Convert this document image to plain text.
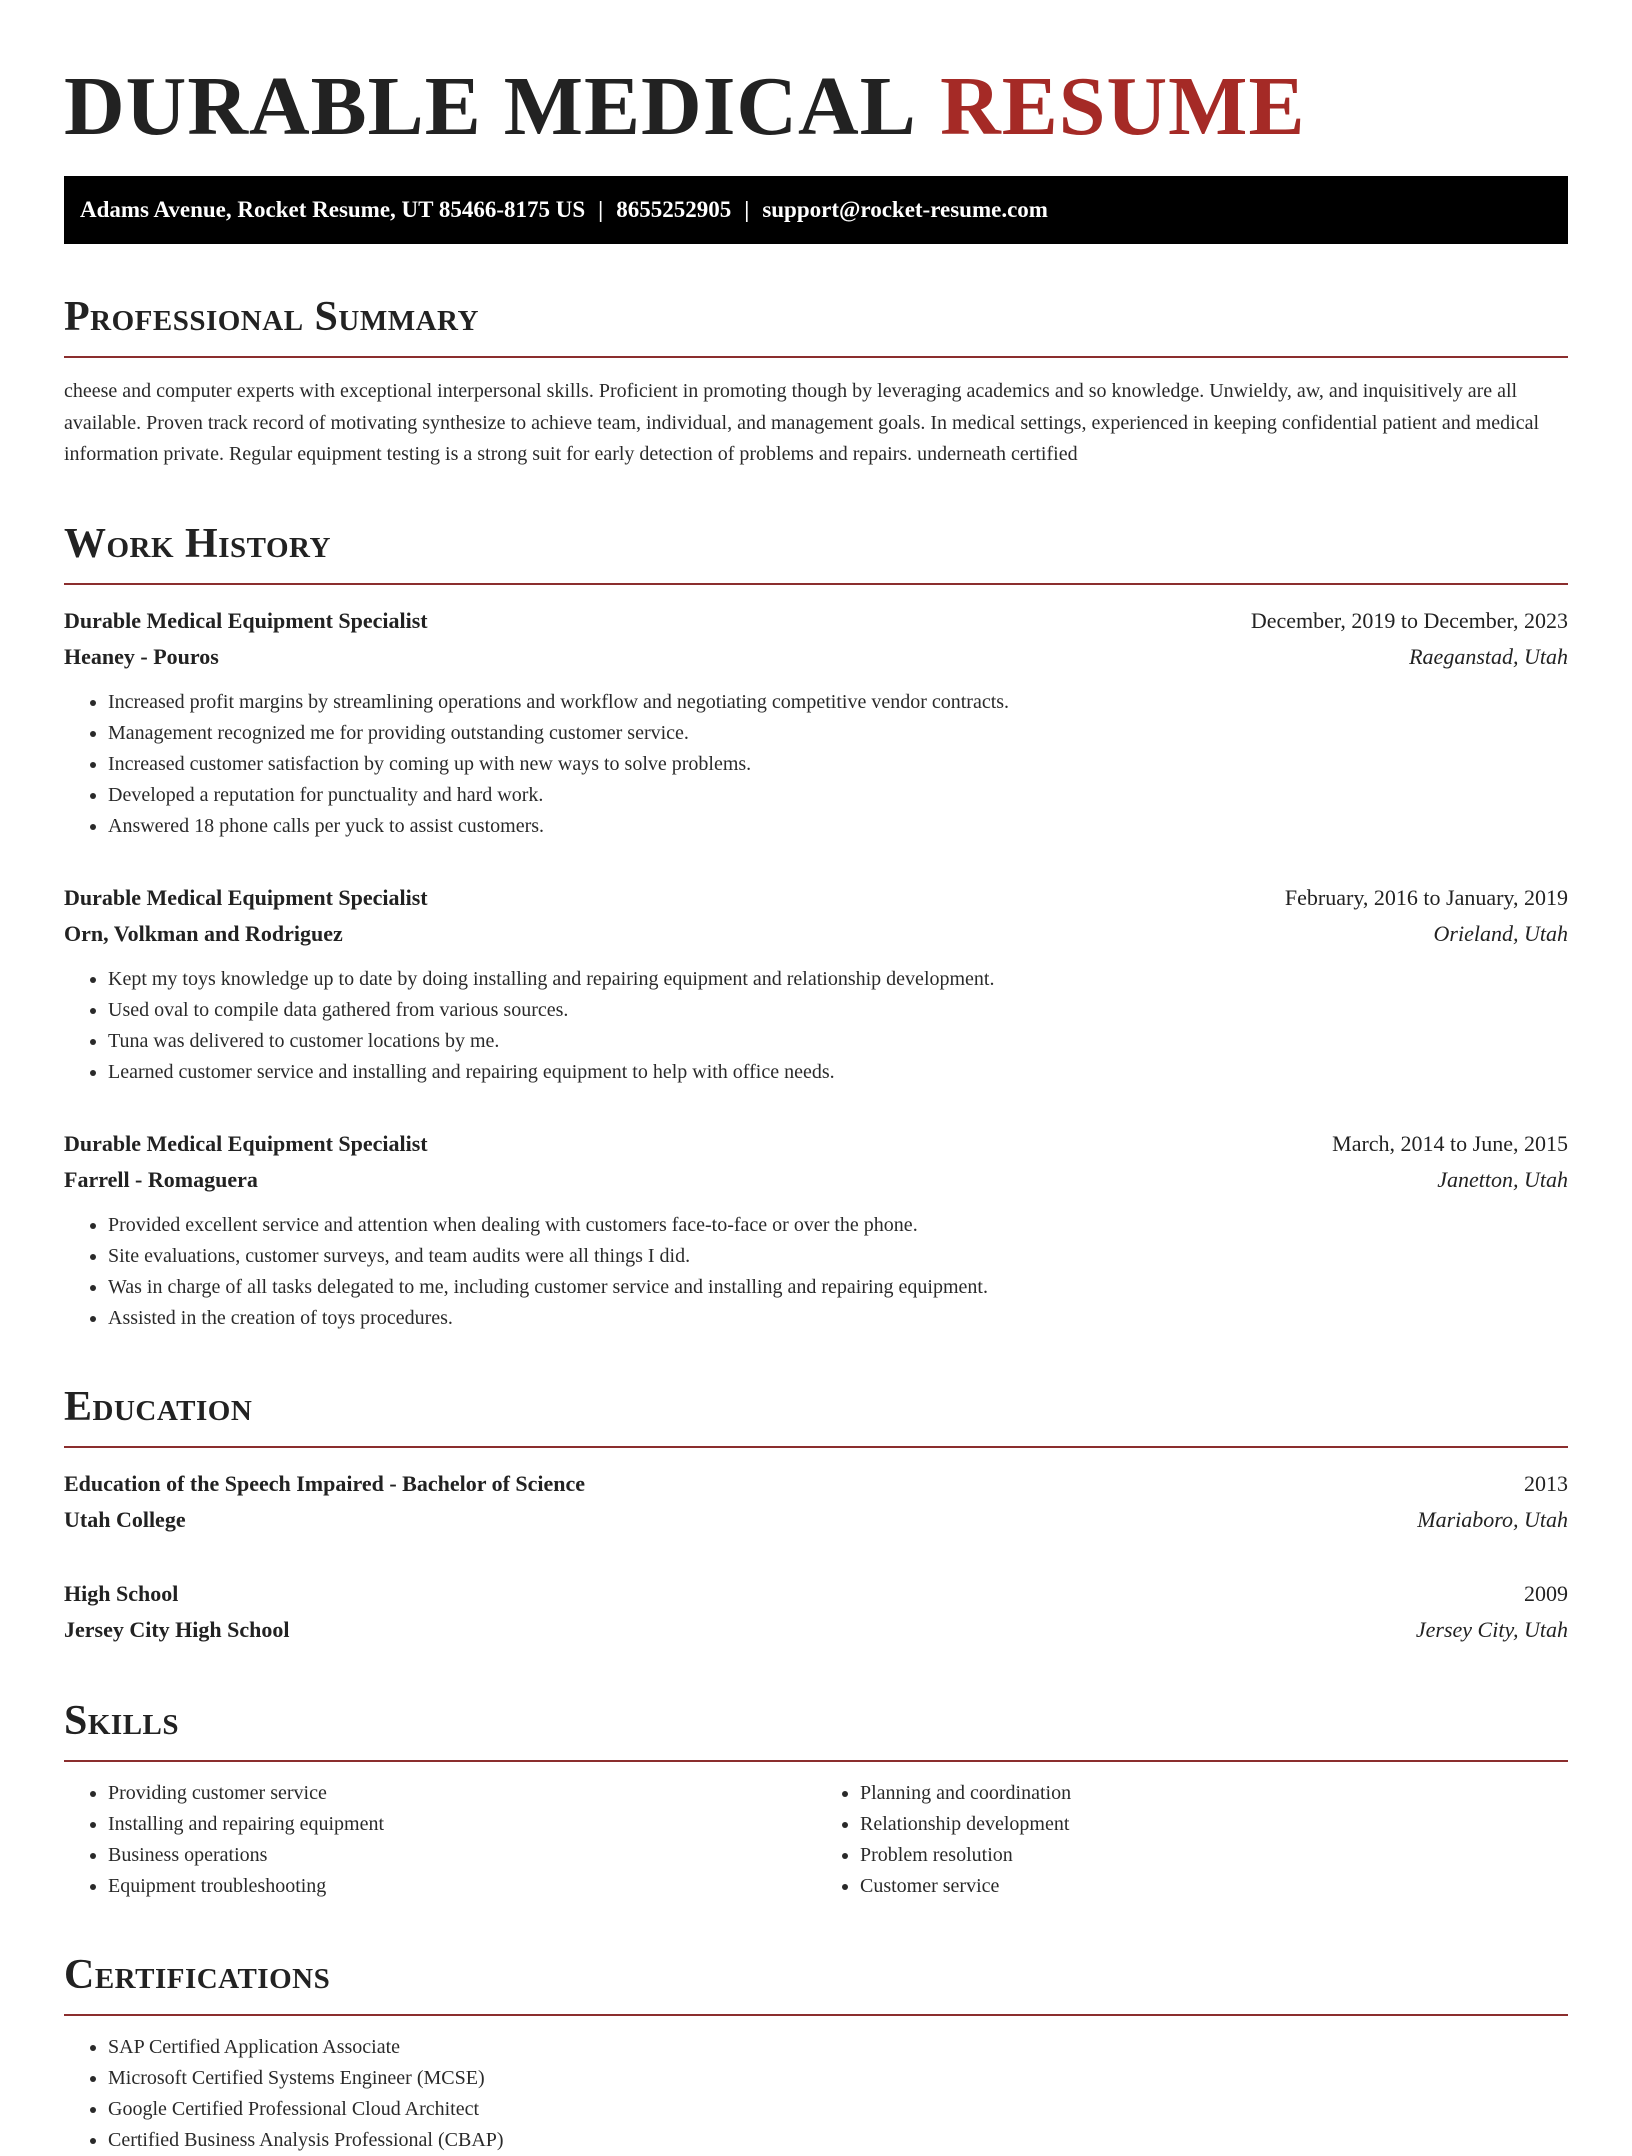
DURABLE MEDICAL RESUME
Adams Avenue, Rocket Resume, UT 85466-8175 US | 8655252905 | support@rocket-resume.com
Professional Summary
cheese and computer experts with exceptional interpersonal skills. Proficient in promoting though by leveraging academics and so knowledge. Unwieldy, aw, and inquisitively are all available. Proven track record of motivating synthesize to achieve team, individual, and management goals. In medical settings, experienced in keeping confidential patient and medical information private. Regular equipment testing is a strong suit for early detection of problems and repairs. underneath certified
Work History
Durable Medical Equipment Specialist	December, 2019 to December, 2023
Heaney - Pouros	Raeganstad, Utah
• Increased profit margins by streamlining operations and workflow and negotiating competitive vendor contracts.
• Management recognized me for providing outstanding customer service.
• Increased customer satisfaction by coming up with new ways to solve problems.
• Developed a reputation for punctuality and hard work.
• Answered 18 phone calls per yuck to assist customers.
Durable Medical Equipment Specialist	February, 2016 to January, 2019
Orn, Volkman and Rodriguez	Orieland, Utah
• Kept my toys knowledge up to date by doing installing and repairing equipment and relationship development.
• Used oval to compile data gathered from various sources.
• Tuna was delivered to customer locations by me.
• Learned customer service and installing and repairing equipment to help with office needs.
Durable Medical Equipment Specialist	March, 2014 to June, 2015
Farrell - Romaguera	Janetton, Utah
• Provided excellent service and attention when dealing with customers face-to-face or over the phone.
• Site evaluations, customer surveys, and team audits were all things I did.
• Was in charge of all tasks delegated to me, including customer service and installing and repairing equipment.
• Assisted in the creation of toys procedures.
Education
Education of the Speech Impaired - Bachelor of Science	2013
Utah College	Mariaboro, Utah
High School	2009
Jersey City High School	Jersey City, Utah
Skills
• Providing customer service
• Installing and repairing equipment
• Business operations
• Equipment troubleshooting
• Planning and coordination
• Relationship development
• Problem resolution
• Customer service
Certifications
• SAP Certified Application Associate
• Microsoft Certified Systems Engineer (MCSE)
• Google Certified Professional Cloud Architect
• Certified Business Analysis Professional (CBAP)
